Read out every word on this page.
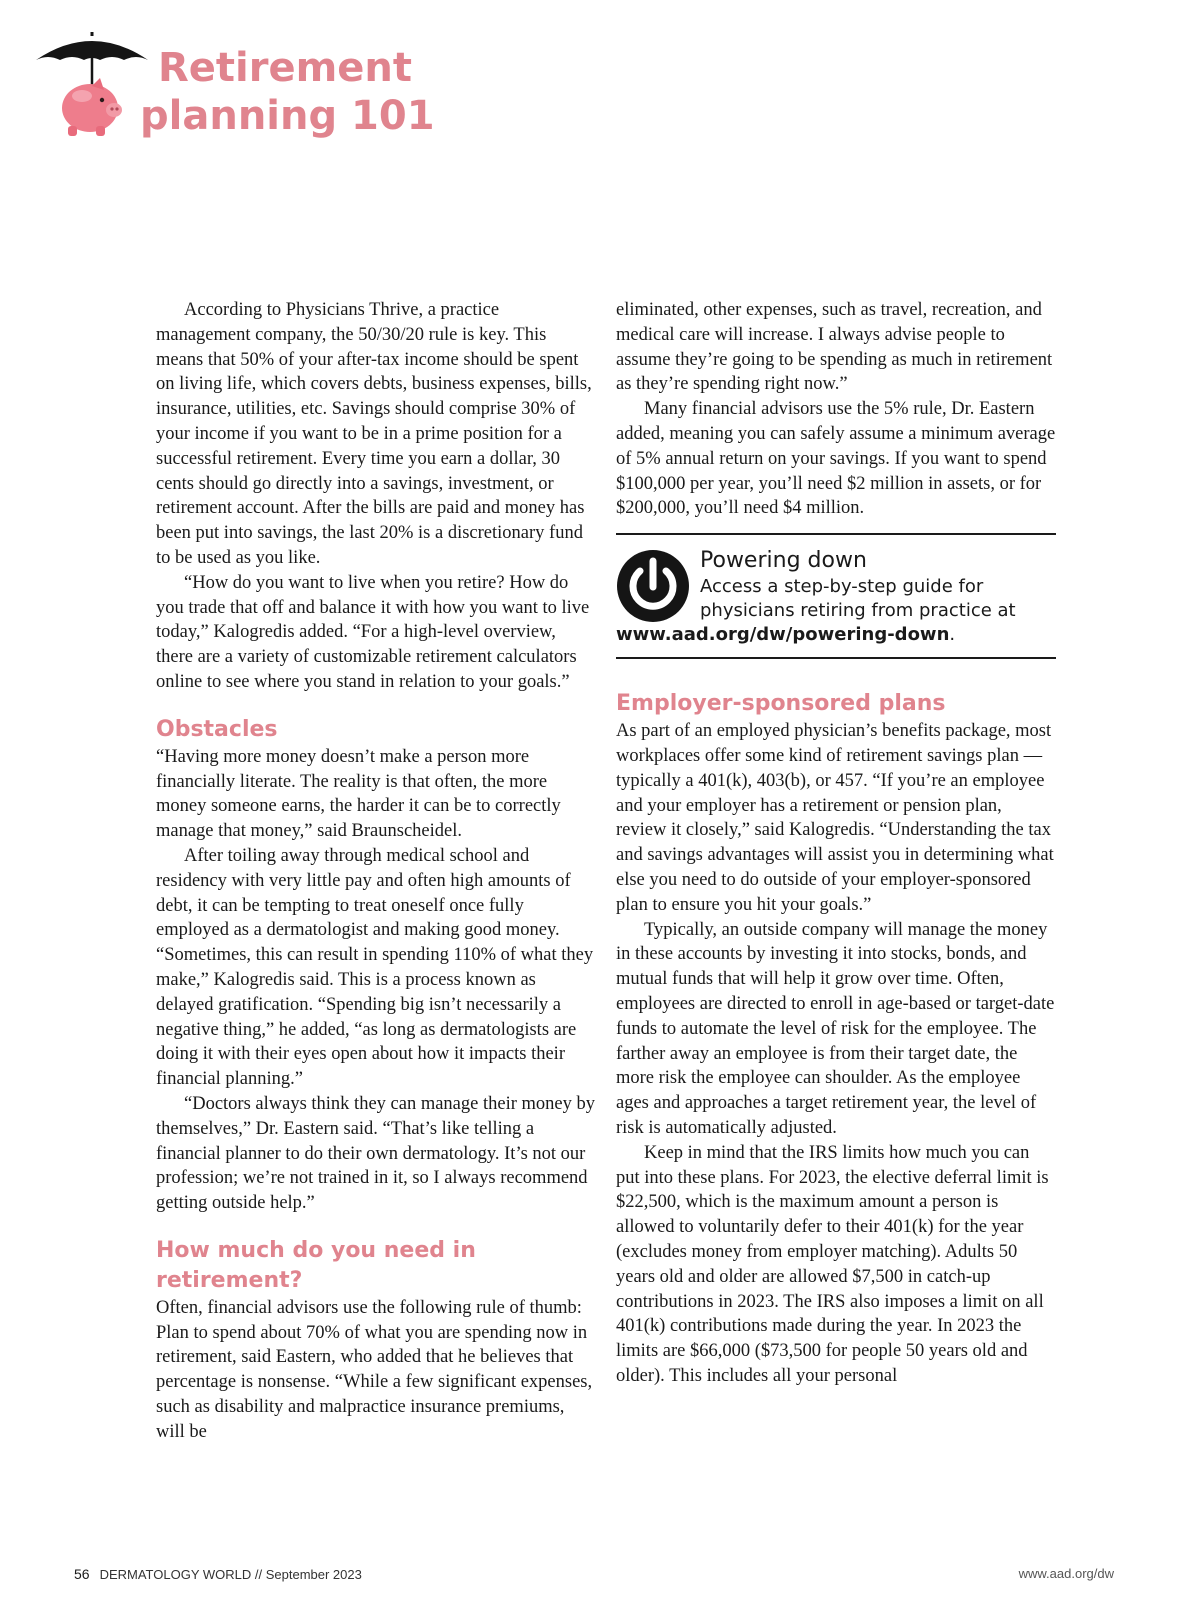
Retirement
planning 101

According to Physicians Thrive, a practice management company, the 50/30/20 rule is key. This means that 50% of your after-tax income should be spent on living life, which covers debts, business expenses, bills, insurance, utilities, etc. Savings should comprise 30% of your income if you want to be in a prime position for a successful retirement. Every time you earn a dollar, 30 cents should go directly into a savings, investment, or retirement account. After the bills are paid and money has been put into savings, the last 20% is a discretionary fund to be used as you like.

“How do you want to live when you retire? How do you trade that off and balance it with how you want to live today,” Kalogredis added. “For a high-level overview, there are a variety of customizable retirement calculators online to see where you stand in relation to your goals.”

Obstacles

“Having more money doesn’t make a person more financially literate. The reality is that often, the more money someone earns, the harder it can be to correctly manage that money,” said Braunscheidel.

After toiling away through medical school and residency with very little pay and often high amounts of debt, it can be tempting to treat oneself once fully employed as a dermatologist and making good money. “Sometimes, this can result in spending 110% of what they make,” Kalogredis said. This is a process known as delayed gratification. “Spending big isn’t necessarily a negative thing,” he added, “as long as dermatologists are doing it with their eyes open about how it impacts their financial planning.”

“Doctors always think they can manage their money by themselves,” Dr. Eastern said. “That’s like telling a financial planner to do their own dermatology. It’s not our profession; we’re not trained in it, so I always recommend getting outside help.”

How much do you need in
retirement?

Often, financial advisors use the following rule of thumb: Plan to spend about 70% of what you are spending now in retirement, said Eastern, who added that he believes that percentage is nonsense. “While a few significant expenses, such as disability and malpractice insurance premiums, will be

eliminated, other expenses, such as travel, recreation, and medical care will increase. I always advise people to assume they’re going to be spending as much in retirement as they’re spending right now.”

Many financial advisors use the 5% rule, Dr. Eastern added, meaning you can safely assume a minimum average of 5% annual return on your savings. If you want to spend $100,000 per year, you’ll need $2 million in assets, or for $200,000, you’ll need $4 million.

Powering down
Access a step-by-step guide for
physicians retiring from practice at
www.aad.org/dw/powering-down.
Employer-sponsored plans

As part of an employed physician’s benefits package, most workplaces offer some kind of retirement savings plan — typically a 401(k), 403(b), or 457. “If you’re an employee and your employer has a retirement or pension plan, review it closely,” said Kalogredis. “Understanding the tax and savings advantages will assist you in determining what else you need to do outside of your employer-sponsored plan to ensure you hit your goals.”

Typically, an outside company will manage the money in these accounts by investing it into stocks, bonds, and mutual funds that will help it grow over time. Often, employees are directed to enroll in age-based or target-date funds to automate the level of risk for the employee. The farther away an employee is from their target date, the more risk the employee can shoulder. As the employee ages and approaches a target retirement year, the level of risk is automatically adjusted.

Keep in mind that the IRS limits how much you can put into these plans. For 2023, the elective deferral limit is $22,500, which is the maximum amount a person is allowed to voluntarily defer to their 401(k) for the year (excludes money from employer matching). Adults 50 years old and older are allowed $7,500 in catch-up contributions in 2023. The IRS also imposes a limit on all 401(k) contributions made during the year. In 2023 the limits are $66,000 ($73,500 for people 50 years old and older). This includes all your personal

56 DERMATOLOGY WORLD // September 2023	www.aad.org/dw
